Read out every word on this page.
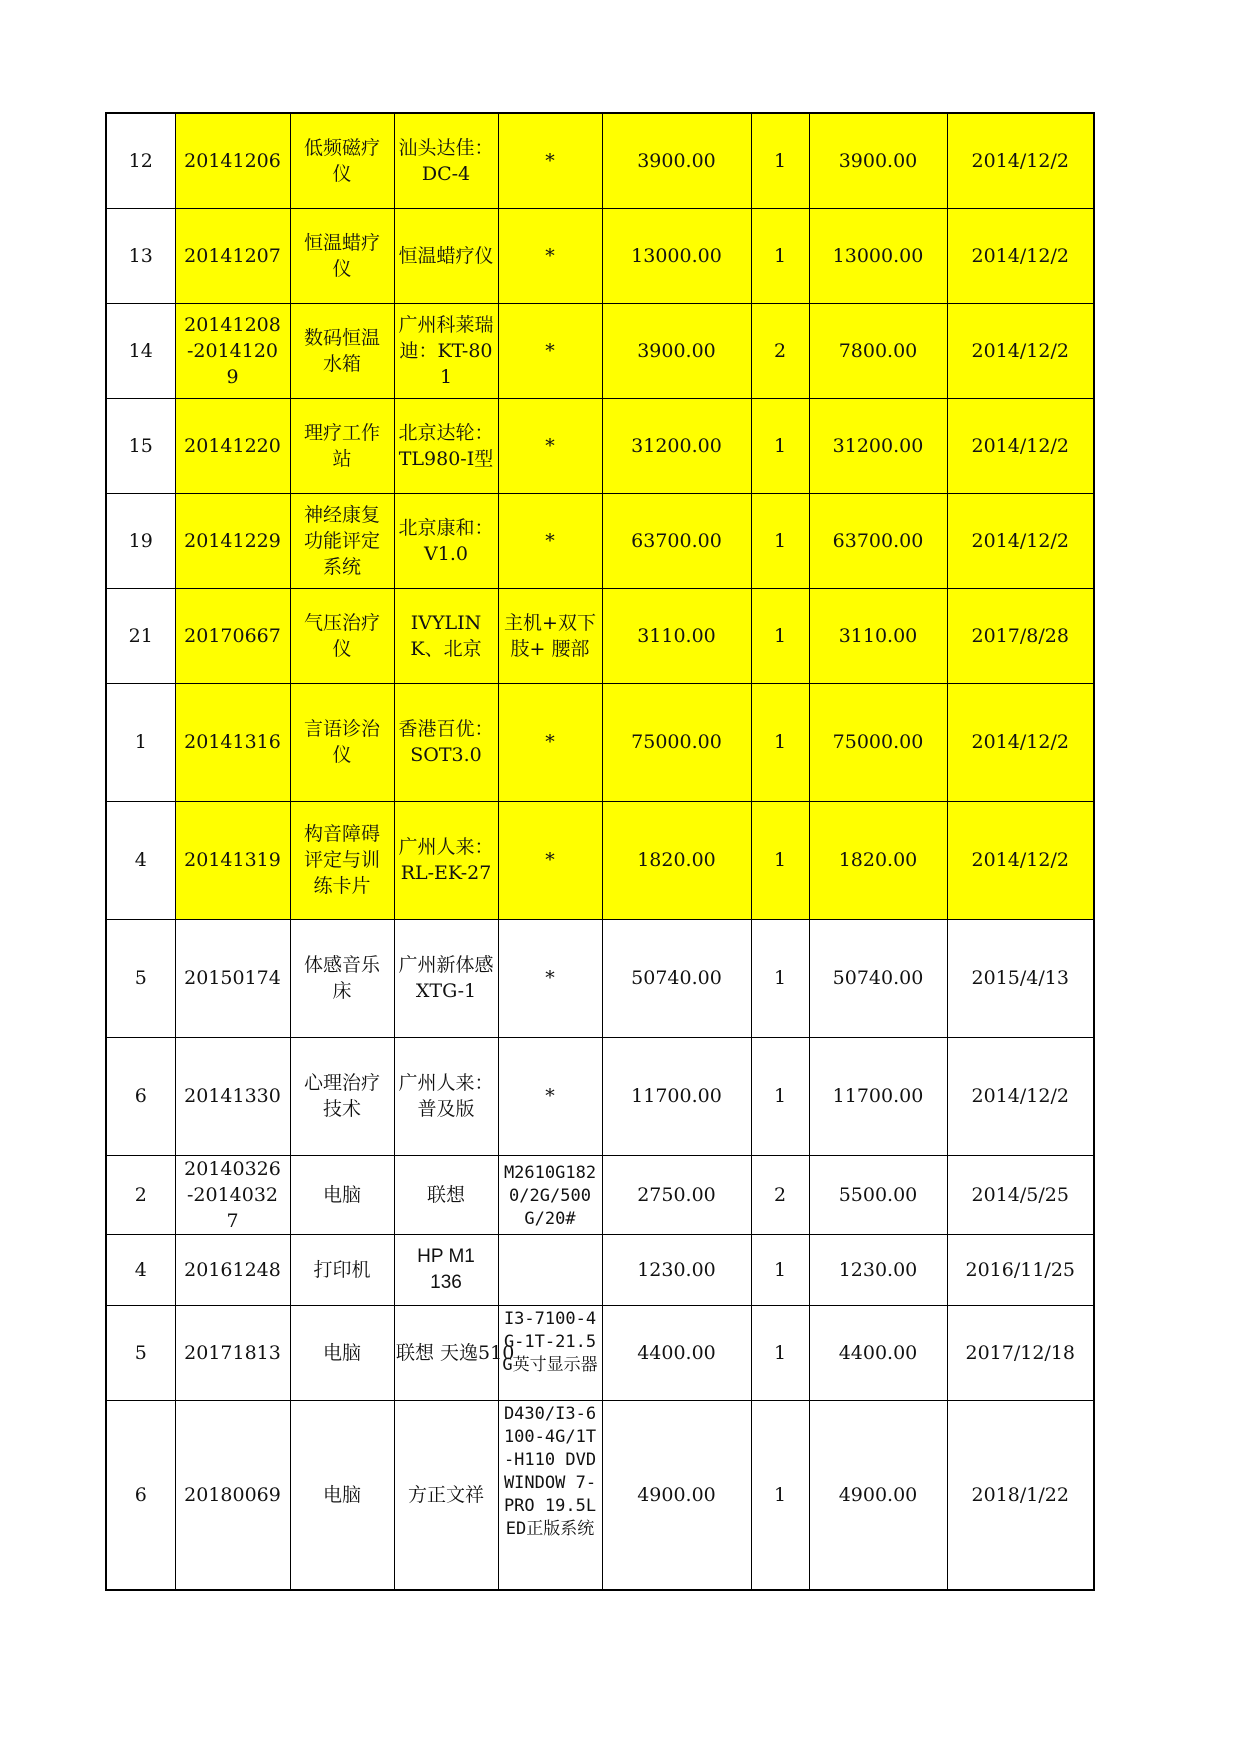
12	20141206	低频磁疗仪	汕头达佳：DC-4	*	3900.00	1	3900.00	2014/12/2
13	20141207	恒温蜡疗仪	恒温蜡疗仪	*	13000.00	1	13000.00	2014/12/2
14	20141208-20141209	数码恒温水箱	广州科莱瑞迪：KT-801	*	3900.00	2	7800.00	2014/12/2
15	20141220	理疗工作站	北京达轮：TL980-I型	*	31200.00	1	31200.00	2014/12/2
19	20141229	神经康复功能评定系统	北京康和：V1.0	*	63700.00	1	63700.00	2014/12/2
21	20170667	气压治疗仪	IVYLINK、北京	主机+双下肢+ 腰部	3110.00	1	3110.00	2017/8/28
1	20141316	言语诊治仪	香港百优：SOT3.0	*	75000.00	1	75000.00	2014/12/2
4	20141319	构音障碍评定与训练卡片	广州人来：RL-EK-27	*	1820.00	1	1820.00	2014/12/2
5	20150174	体感音乐床	广州新体感XTG-1	*	50740.00	1	50740.00	2015/4/13
6	20141330	心理治疗技术	广州人来：普及版	*	11700.00	1	11700.00	2014/12/2
2	20140326-20140327	电脑	联想	M2610G1820/2G/500G/20#	2750.00	2	5500.00	2014/5/25
4	20161248	打印机	HP M1136		1230.00	1	1230.00	2016/11/25
5	20171813	电脑	联想 天逸510	I3-7100-4G-1T-21.5G英寸显示器	4400.00	1	4400.00	2017/12/18
6	20180069	电脑	方正文祥	D430/I3-6100-4G/1T-H110 DVD WINDOW 7-PRO 19.5LED正版系统	4900.00	1	4900.00	2018/1/22
